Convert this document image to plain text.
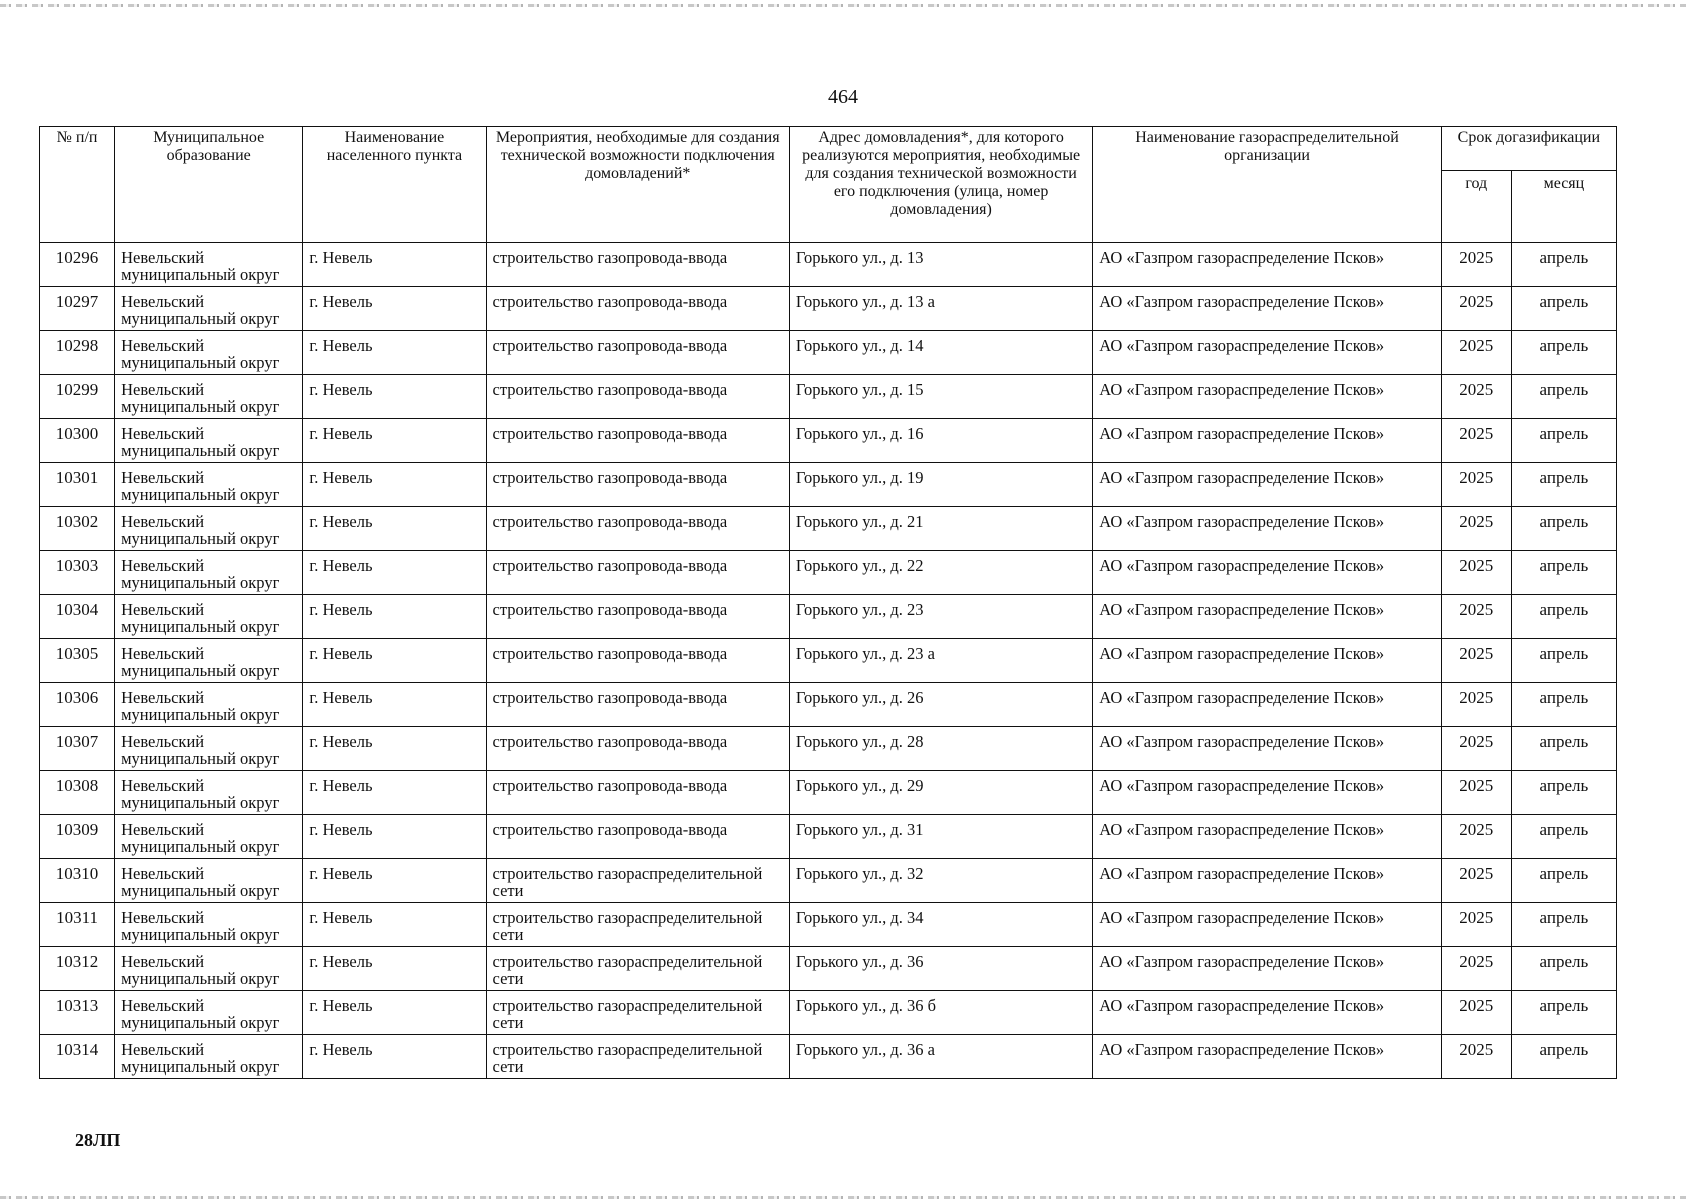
464
№ п/п	Муниципальное образование	Наименование населенного пункта	Мероприятия, необходимые для создания технической возможности подключения домовладений*	Адрес домовладения*, для которого реализуются мероприятия, необходимые для создания технической возможности его подключения (улица, номер домовладения)	Наименование газораспределительной организации	Срок догазификации	
						год	месяц
10296	Невельский муниципальный округ	г. Невель	строительство газопровода-ввода	Горького ул., д. 13	АО «Газпром газораспределение Псков»	2025	апрель
10297	Невельский муниципальный округ	г. Невель	строительство газопровода-ввода	Горького ул., д. 13 а	АО «Газпром газораспределение Псков»	2025	апрель
10298	Невельский муниципальный округ	г. Невель	строительство газопровода-ввода	Горького ул., д. 14	АО «Газпром газораспределение Псков»	2025	апрель
10299	Невельский муниципальный округ	г. Невель	строительство газопровода-ввода	Горького ул., д. 15	АО «Газпром газораспределение Псков»	2025	апрель
10300	Невельский муниципальный округ	г. Невель	строительство газопровода-ввода	Горького ул., д. 16	АО «Газпром газораспределение Псков»	2025	апрель
10301	Невельский муниципальный округ	г. Невель	строительство газопровода-ввода	Горького ул., д. 19	АО «Газпром газораспределение Псков»	2025	апрель
10302	Невельский муниципальный округ	г. Невель	строительство газопровода-ввода	Горького ул., д. 21	АО «Газпром газораспределение Псков»	2025	апрель
10303	Невельский муниципальный округ	г. Невель	строительство газопровода-ввода	Горького ул., д. 22	АО «Газпром газораспределение Псков»	2025	апрель
10304	Невельский муниципальный округ	г. Невель	строительство газопровода-ввода	Горького ул., д. 23	АО «Газпром газораспределение Псков»	2025	апрель
10305	Невельский муниципальный округ	г. Невель	строительство газопровода-ввода	Горького ул., д. 23 а	АО «Газпром газораспределение Псков»	2025	апрель
10306	Невельский муниципальный округ	г. Невель	строительство газопровода-ввода	Горького ул., д. 26	АО «Газпром газораспределение Псков»	2025	апрель
10307	Невельский муниципальный округ	г. Невель	строительство газопровода-ввода	Горького ул., д. 28	АО «Газпром газораспределение Псков»	2025	апрель
10308	Невельский муниципальный округ	г. Невель	строительство газопровода-ввода	Горького ул., д. 29	АО «Газпром газораспределение Псков»	2025	апрель
10309	Невельский муниципальный округ	г. Невель	строительство газопровода-ввода	Горького ул., д. 31	АО «Газпром газораспределение Псков»	2025	апрель
10310	Невельский муниципальный округ	г. Невель	строительство газораспределительной сети	Горького ул., д. 32	АО «Газпром газораспределение Псков»	2025	апрель
10311	Невельский муниципальный округ	г. Невель	строительство газораспределительной сети	Горького ул., д. 34	АО «Газпром газораспределение Псков»	2025	апрель
10312	Невельский муниципальный округ	г. Невель	строительство газораспределительной сети	Горького ул., д. 36	АО «Газпром газораспределение Псков»	2025	апрель
10313	Невельский муниципальный округ	г. Невель	строительство газораспределительной сети	Горького ул., д. 36 б	АО «Газпром газораспределение Псков»	2025	апрель
10314	Невельский муниципальный округ	г. Невель	строительство газораспределительной сети	Горького ул., д. 36 а	АО «Газпром газораспределение Псков»	2025	апрель
28ЛП
